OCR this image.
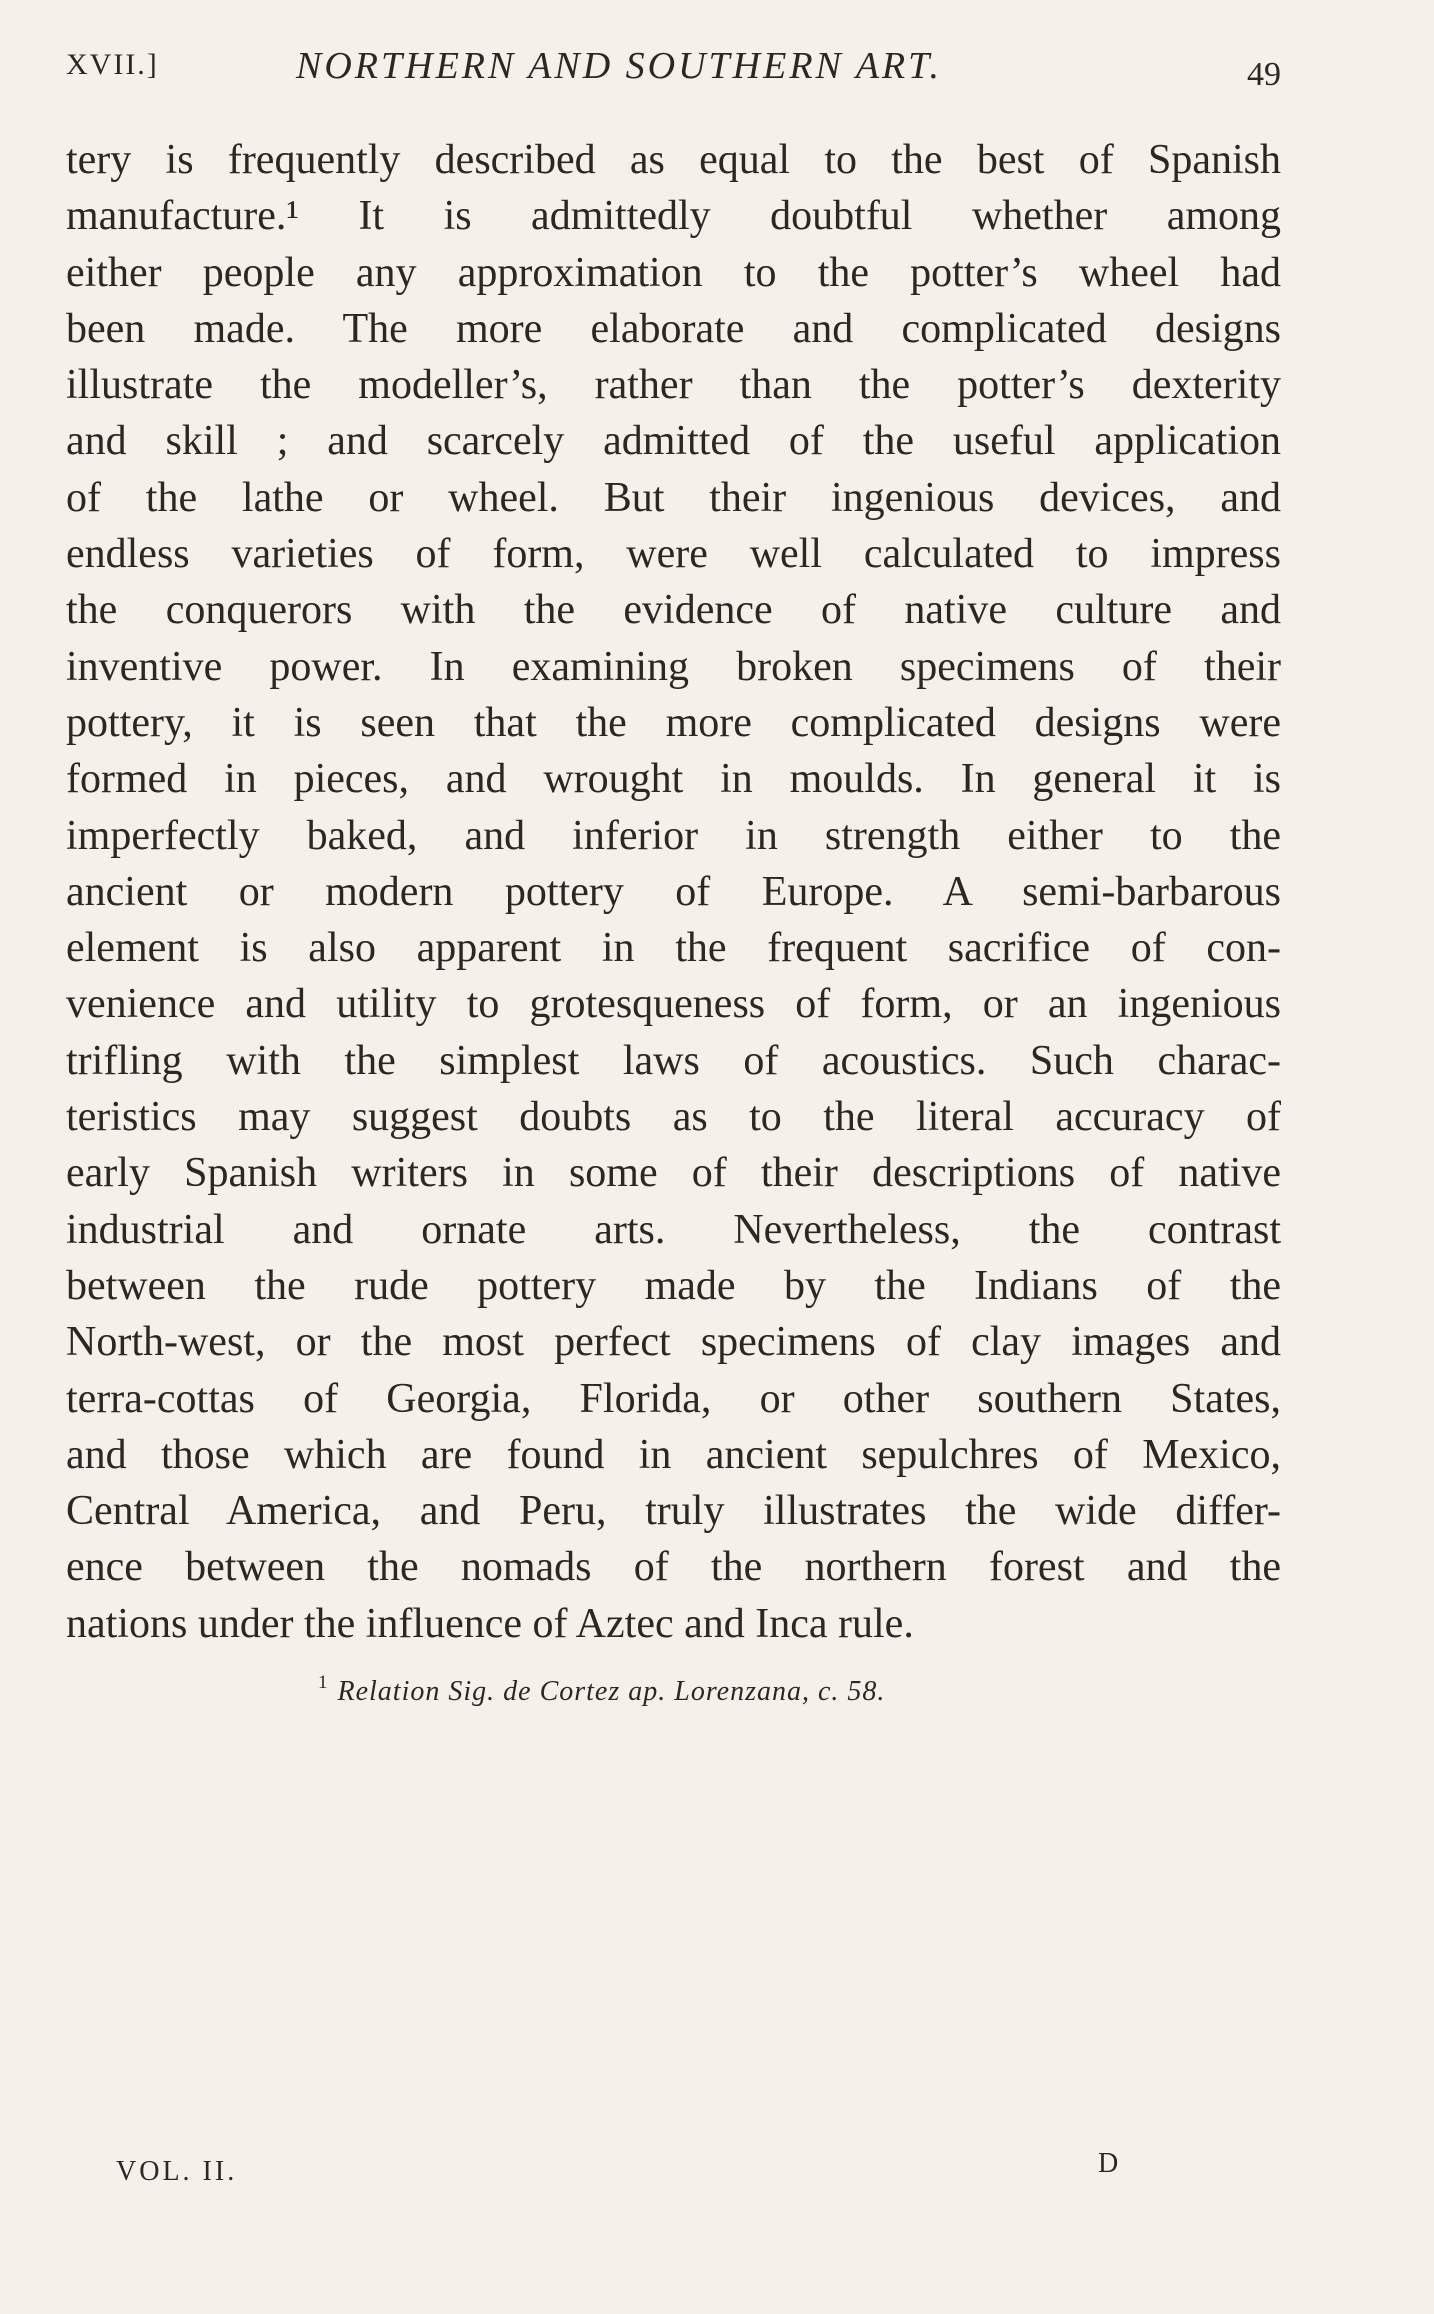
XVII.]	NORTHERN AND SOUTHERN ART.	49
tery is frequently described as equal to the best of Spanish
manufacture.¹ It is admittedly doubtful whether among
either people any approximation to the potter’s wheel had
been made. The more elaborate and complicated designs
illustrate the modeller’s, rather than the potter’s dexterity
and skill ; and scarcely admitted of the useful application
of the lathe or wheel. But their ingenious devices, and
endless varieties of form, were well calculated to impress
the conquerors with the evidence of native culture and
inventive power. In examining broken specimens of their
pottery, it is seen that the more complicated designs were
formed in pieces, and wrought in moulds. In general it is
imperfectly baked, and inferior in strength either to the
ancient or modern pottery of Europe. A semi-barbarous
element is also apparent in the frequent sacrifice of con-
venience and utility to grotesqueness of form, or an ingenious
trifling with the simplest laws of acoustics. Such charac-
teristics may suggest doubts as to the literal accuracy of
early Spanish writers in some of their descriptions of native
industrial and ornate arts. Nevertheless, the contrast
between the rude pottery made by the Indians of the
North-west, or the most perfect specimens of clay images and
terra-cottas of Georgia, Florida, or other southern States,
and those which are found in ancient sepulchres of Mexico,
Central America, and Peru, truly illustrates the wide differ-
ence between the nomads of the northern forest and the
nations under the influence of Aztec and Inca rule.
$^1$ Relation Sig. de Cortez ap. Lorenzana, c. 58.
VOL. II.	D
